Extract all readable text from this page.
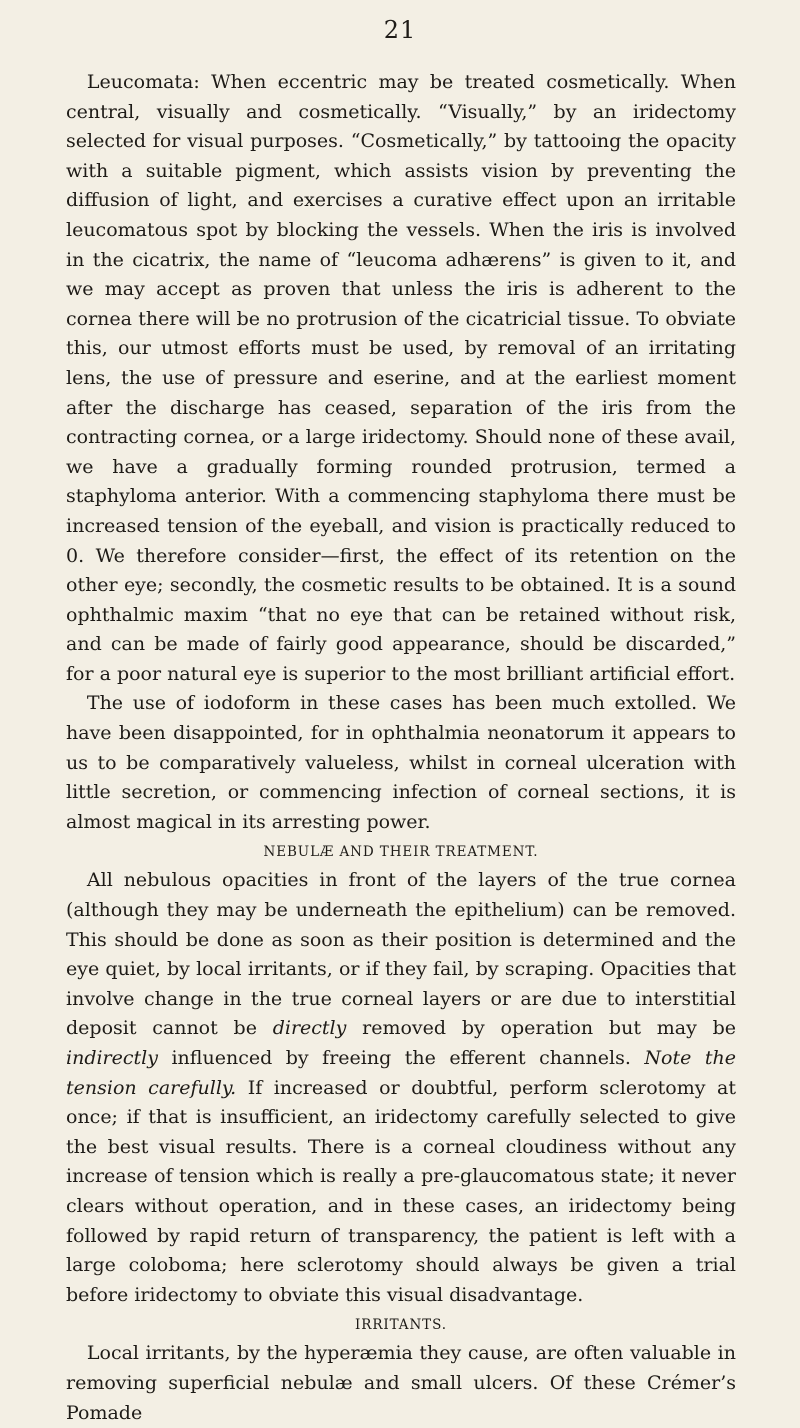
21

Leucomata: When eccentric may be treated cosmetically. When central, visually and cosmetically. “Visually,” by an iridectomy selected for visual purposes. “Cosmetically,” by tattooing the opacity with a suitable pigment, which assists vision by preventing the diffusion of light, and exercises a curative effect upon an irritable leucomatous spot by blocking the vessels. When the iris is involved in the cicatrix, the name of “leucoma adhærens” is given to it, and we may accept as proven that unless the iris is adherent to the cornea there will be no protrusion of the cicatricial tissue. To obviate this, our utmost efforts must be used, by removal of an irritating lens, the use of pressure and eserine, and at the earliest moment after the discharge has ceased, separation of the iris from the contracting cornea, or a large iridectomy. Should none of these avail, we have a gradually forming rounded protrusion, termed a staphyloma anterior. With a commencing staphyloma there must be increased tension of the eyeball, and vision is practically reduced to 0. We therefore consider—first, the effect of its retention on the other eye; secondly, the cosmetic results to be obtained. It is a sound ophthalmic maxim “that no eye that can be retained without risk, and can be made of fairly good appearance, should be discarded,” for a poor natural eye is superior to the most brilliant artificial effort.

The use of iodoform in these cases has been much extolled. We have been disappointed, for in ophthalmia neonatorum it appears to us to be comparatively valueless, whilst in corneal ulceration with little secretion, or commencing infection of corneal sections, it is almost magical in its arresting power.

NEBULÆ AND THEIR TREATMENT.

All nebulous opacities in front of the layers of the true cornea (although they may be underneath the epithelium) can be removed. This should be done as soon as their position is determined and the eye quiet, by local irritants, or if they fail, by scraping. Opacities that involve change in the true corneal layers or are due to interstitial deposit cannot be directly removed by operation but may be indirectly influenced by freeing the efferent channels. Note the tension carefully. If increased or doubtful, perform sclerotomy at once; if that is insufficient, an iridectomy carefully selected to give the best visual results. There is a corneal cloudiness without any increase of tension which is really a pre-glaucomatous state; it never clears without operation, and in these cases, an iridectomy being followed by rapid return of transparency, the patient is left with a large coloboma; here sclerotomy should always be given a trial before iridectomy to obviate this visual disadvantage.

IRRITANTS.

Local irritants, by the hyperæmia they cause, are often valuable in removing superficial nebulæ and small ulcers. Of these Crémer’s Pomade
